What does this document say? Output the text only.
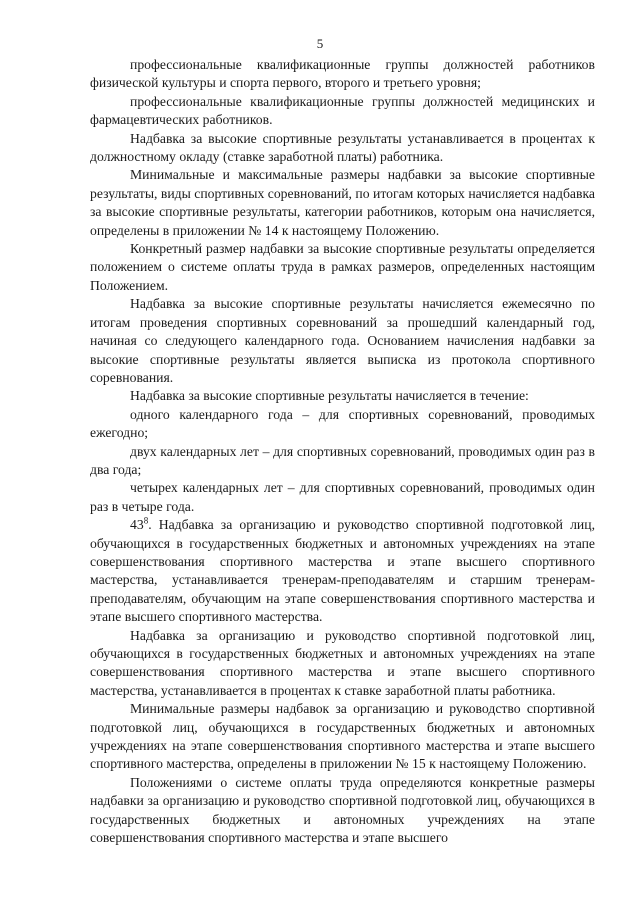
5

профессиональные квалификационные группы должностей работников физической культуры и спорта первого, второго и третьего уровня;

профессиональные квалификационные группы должностей медицинских и фармацевтических работников.

Надбавка за высокие спортивные результаты устанавливается в процентах к должностному окладу (ставке заработной платы) работника.

Минимальные и максимальные размеры надбавки за высокие спортивные результаты, виды спортивных соревнований, по итогам которых начисляется надбавка за высокие спортивные результаты, категории работников, которым она начисляется, определены в приложении № 14 к настоящему Положению.

Конкретный размер надбавки за высокие спортивные результаты определяется положением о системе оплаты труда в рамках размеров, определенных настоящим Положением.

Надбавка за высокие спортивные результаты начисляется ежемесячно по итогам проведения спортивных соревнований за прошедший календарный год, начиная со следующего календарного года. Основанием начисления надбавки за высокие спортивные результаты является выписка из протокола спортивного соревнования.

Надбавка за высокие спортивные результаты начисляется в течение:

одного календарного года – для спортивных соревнований, проводимых ежегодно;

двух календарных лет – для спортивных соревнований, проводимых один раз в два года;

четырех календарных лет – для спортивных соревнований, проводимых один раз в четыре года.

$43^8$. Надбавка за организацию и руководство спортивной подготовкой лиц, обучающихся в государственных бюджетных и автономных учреждениях на этапе совершенствования спортивного мастерства и этапе высшего спортивного мастерства, устанавливается тренерам-преподавателям и старшим тренерам-преподавателям, обучающим на этапе совершенствования спортивного мастерства и этапе высшего спортивного мастерства.

Надбавка за организацию и руководство спортивной подготовкой лиц, обучающихся в государственных бюджетных и автономных учреждениях на этапе совершенствования спортивного мастерства и этапе высшего спортивного мастерства, устанавливается в процентах к ставке заработной платы работника.

Минимальные размеры надбавок за организацию и руководство спортивной подготовкой лиц, обучающихся в государственных бюджетных и автономных учреждениях на этапе совершенствования спортивного мастерства и этапе высшего спортивного мастерства, определены в приложении № 15 к настоящему Положению.

Положениями о системе оплаты труда определяются конкретные размеры надбавки за организацию и руководство спортивной подготовкой лиц, обучающихся в государственных бюджетных и автономных учреждениях на этапе совершенствования спортивного мастерства и этапе высшего
